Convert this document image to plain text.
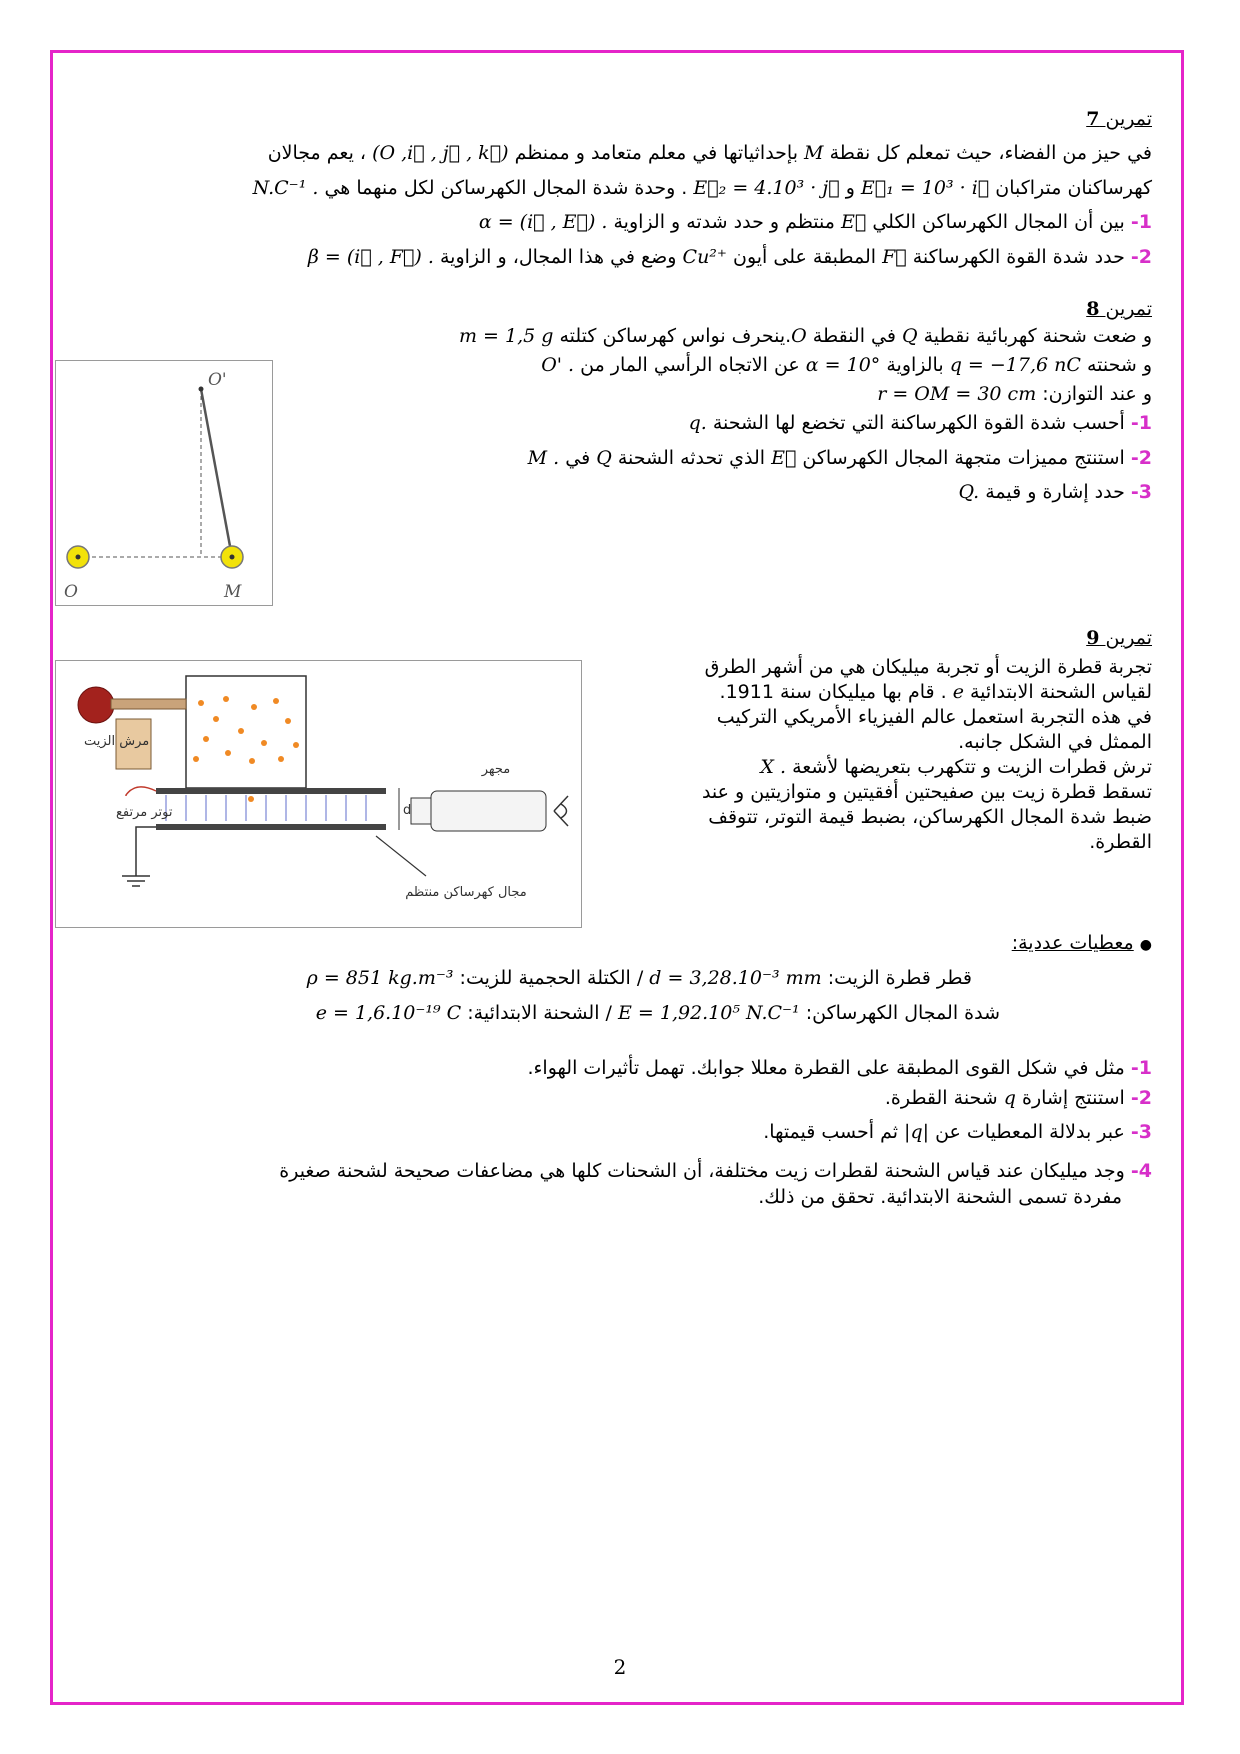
تمرين 7
في حيز من الفضاء، حيث تمعلم كل نقطة M بإحداثياتها في معلم متعامد و ممنظم (O ,i⃗ , j⃗ , k⃗) ، يعم مجالان
كهرساكنان متراكبان E⃗₁ = 10³ · i⃗ و E⃗₂ = 4.10³ · j⃗ . وحدة شدة المجال الكهرساكن لكل منهما هي N.C⁻¹ .
1- بين أن المجال الكهرساكن الكلي E⃗ منتظم و حدد شدته و الزاوية α = (i⃗ , E⃗) .
2- حدد شدة القوة الكهرساكنة F⃗ المطبقة على أيون Cu²⁺ وضع في هذا المجال، و الزاوية β = (i⃗ , F⃗) .
تمرين 8
و ضعت شحنة كهربائية نقطية Q في النقطة O.ينحرف نواس كهرساكن كتلته m = 1,5 g
و شحنته q = −17,6 nC بالزاوية α = 10° عن الاتجاه الرأسي المار من O' .
و عند التوازن: r = OM = 30 cm
1- أحسب شدة القوة الكهرساكنة التي تخضع لها الشحنة q.
2- استنتج مميزات متجهة المجال الكهرساكن E⃗ الذي تحدثه الشحنة Q في M .
3- حدد إشارة و قيمة Q.
O'
O	M
تمرين 9
تجربة قطرة الزيت أو تجربة ميليكان هي من أشهر الطرق
لقياس الشحنة الابتدائية e . قام بها ميليكان سنة 1911.
في هذه التجربة استعمل عالم الفيزياء الأمريكي التركيب
الممثل في الشكل جانبه.
ترش قطرات الزيت و تتكهرب بتعريضها لأشعة X .
تسقط قطرة زيت بين صفيحتين أفقيتين و متوازيتين و عند
ضبط شدة المجال الكهرساكن، بضبط قيمة التوتر، تتوقف
القطرة.
d
مرش الزيت
توتر مرتفع
مجهر
مجال كهرساكن منتظم
● معطيات عددية:
قطر قطرة الزيت: d = 3,28.10⁻³ mm / الكتلة الحجمية للزيت: ρ = 851 kg.m⁻³
شدة المجال الكهرساكن: E = 1,92.10⁵ N.C⁻¹ / الشحنة الابتدائية: e = 1,6.10⁻¹⁹ C
1- مثل في شكل القوى المطبقة على القطرة معللا جوابك. تهمل تأثيرات الهواء.
2- استنتج إشارة q شحنة القطرة.
3- عبر بدلالة المعطيات عن |q| ثم أحسب قيمتها.
4- وجد ميليكان عند قياس الشحنة لقطرات زيت مختلفة، أن الشحنات كلها هي مضاعفات صحيحة لشحنة صغيرة
مفردة تسمى الشحنة الابتدائية. تحقق من ذلك.
2
